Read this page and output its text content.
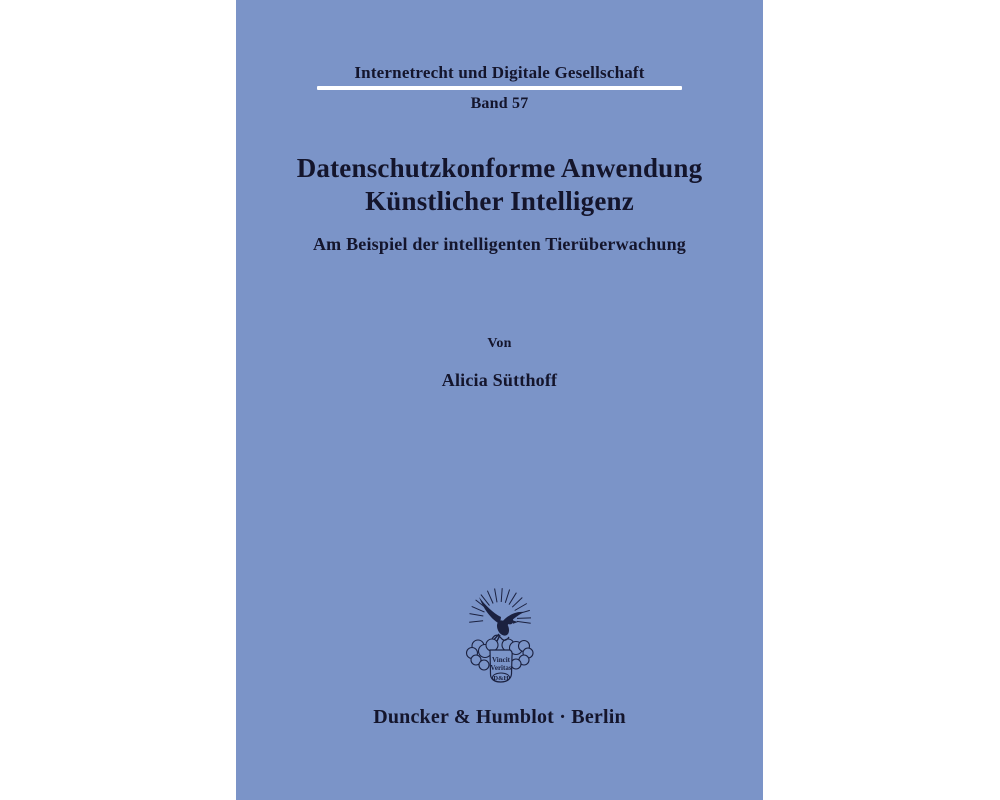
Internetrecht und Digitale Gesellschaft
Band 57
Datenschutzkonforme Anwendung Künstlicher Intelligenz
Am Beispiel der intelligenten Tierüberwachung
Von
Alicia Sütthoff
Vincit
Veritas
D&H
Duncker & Humblot · Berlin
